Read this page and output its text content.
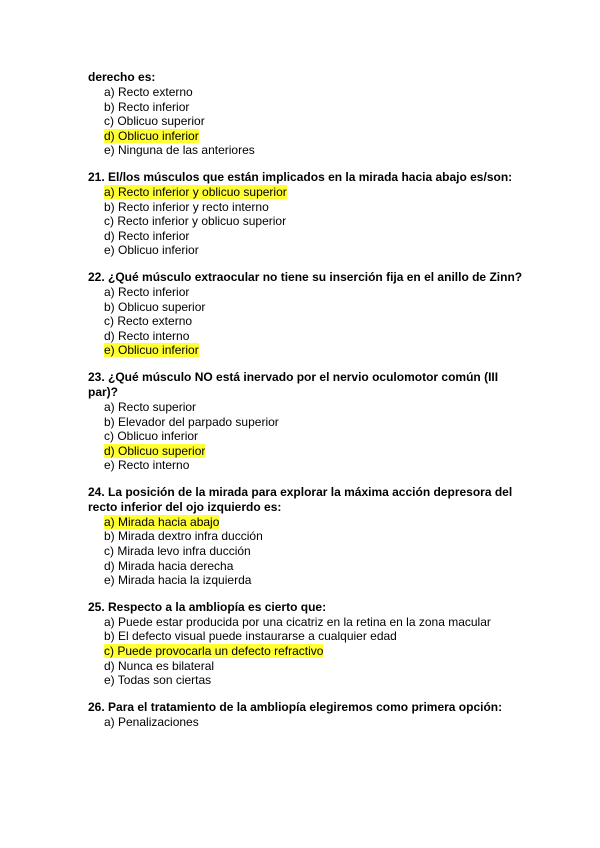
derecho es:

a) Recto externo
b) Recto inferior
c) Oblicuo superior
d) Oblicuo inferior
e) Ninguna de las anteriores

21. El/los músculos que están implicados en la mirada hacia abajo es/son:

a) Recto inferior y oblicuo superior
b) Recto inferior y recto interno
c) Recto inferior y oblicuo superior
d) Recto inferior
e) Oblicuo inferior

22. ¿Qué músculo extraocular no tiene su inserción fija en el anillo de Zinn?

a) Recto inferior
b) Oblicuo superior
c) Recto externo
d) Recto interno
e) Oblicuo inferior

23. ¿Qué músculo NO está inervado por el nervio oculomotor común (III par)?

a) Recto superior
b) Elevador del parpado superior
c) Oblicuo inferior
d) Oblicuo superior
e) Recto interno

24. La posición de la mirada para explorar la máxima acción depresora del recto inferior del ojo izquierdo es:

a) Mirada hacia abajo
b) Mirada dextro infra ducción
c) Mirada levo infra ducción
d) Mirada hacia derecha
e) Mirada hacia la izquierda

25. Respecto a la ambliopía es cierto que:

a) Puede estar producida por una cicatriz en la retina en la zona macular
b) El defecto visual puede instaurarse a cualquier edad
c) Puede provocarla un defecto refractivo
d) Nunca es bilateral
e) Todas son ciertas

26. Para el tratamiento de la ambliopía elegiremos como primera opción:

a) Penalizaciones
